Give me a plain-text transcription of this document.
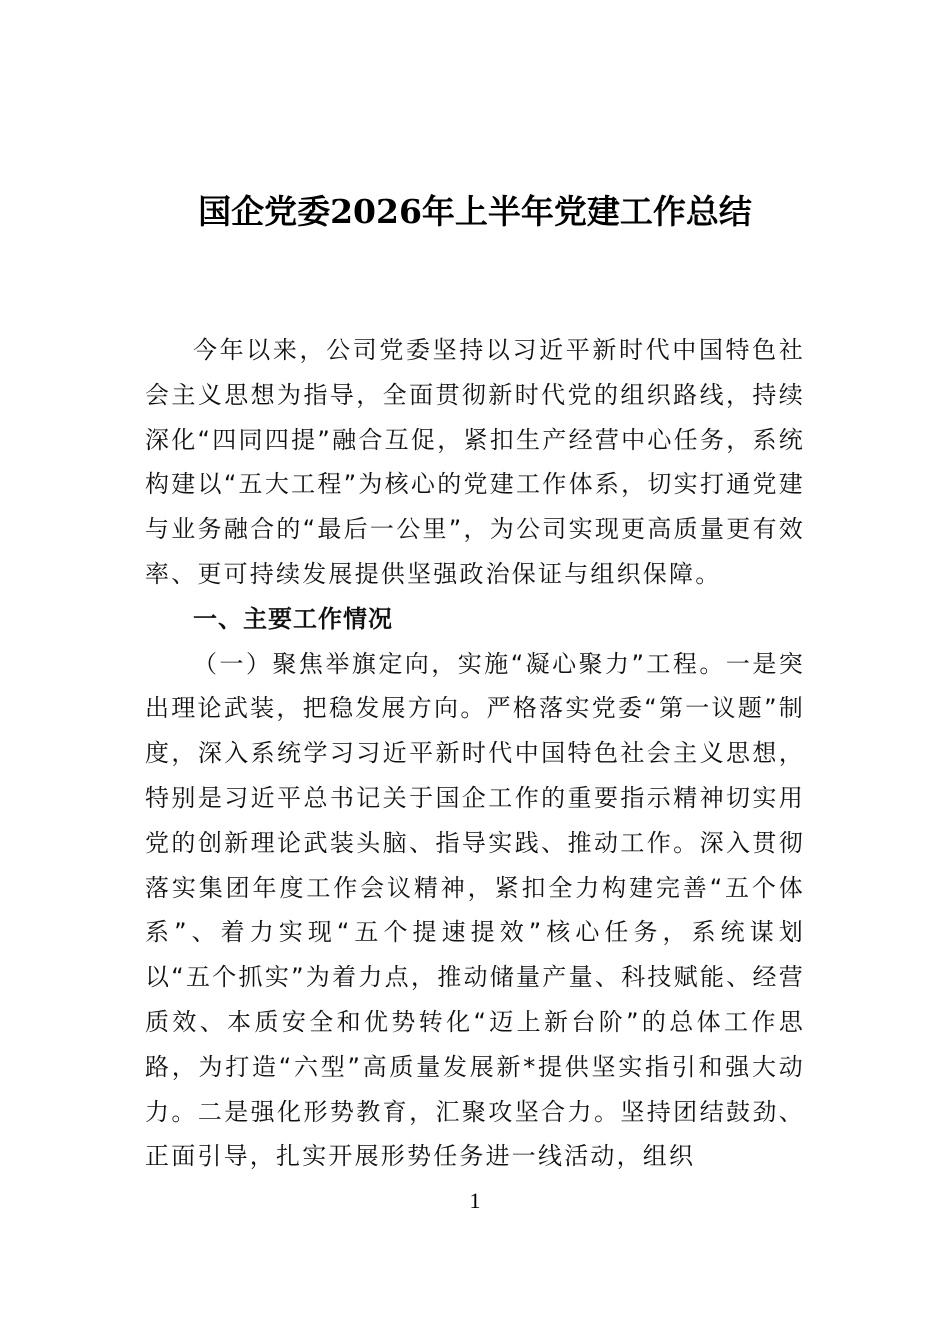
国企党委2026年上半年党建工作总结

今年以来，公司党委坚持以习近平新时代中国特色社会主义思想为指导，全面贯彻新时代党的组织路线，持续深化“四同四提”融合互促，紧扣生产经营中心任务，系统构建以“五大工程”为核心的党建工作体系，切实打通党建与业务融合的“最后一公里”，为公司实现更高质量更有效率、更可持续发展提供坚强政治保证与组织保障。

一、主要工作情况

（一）聚焦举旗定向，实施“凝心聚力”工程。一是突出理论武装，把稳发展方向。严格落实党委“第一议题”制度，深入系统学习习近平新时代中国特色社会主义思想，特别是习近平总书记关于国企工作的重要指示精神切实用党的创新理论武装头脑、指导实践、推动工作。深入贯彻落实集团年度工作会议精神，紧扣全力构建完善“五个体系”、着力实现“五个提速提效”核心任务，系统谋划以“五个抓实”为着力点，推动储量产量、科技赋能、经营质效、本质安全和优势转化“迈上新台阶”的总体工作思路，为打造“六型”高质量发展新*提供坚实指引和强大动力。二是强化形势教育，汇聚攻坚合力。坚持团结鼓劲、正面引导，扎实开展形势任务进一线活动，组织

1
